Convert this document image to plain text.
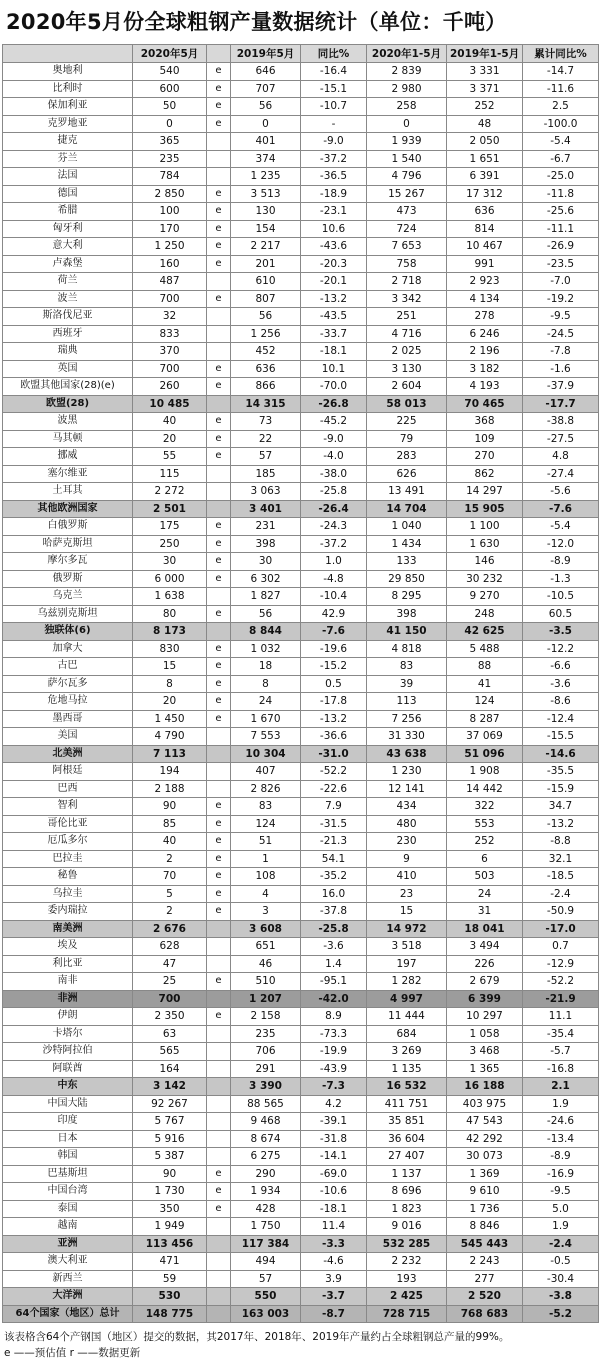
2020年5月份全球粗钢产量数据统计（单位：千吨）
	2020年5月		2019年5月	同比%	2020年1-5月	2019年1-5月	累计同比%
奥地利	540	e	646	-16.4	2 839	3 331	-14.7
比利时	600	e	707	-15.1	2 980	3 371	-11.6
保加利亚	50	e	56	-10.7	258	252	2.5
克罗地亚	0	e	0	-	0	48	-100.0
捷克	365		401	-9.0	1 939	2 050	-5.4
芬兰	235		374	-37.2	1 540	1 651	-6.7
法国	784		1 235	-36.5	4 796	6 391	-25.0
德国	2 850	e	3 513	-18.9	15 267	17 312	-11.8
希腊	100	e	130	-23.1	473	636	-25.6
匈牙利	170	e	154	10.6	724	814	-11.1
意大利	1 250	e	2 217	-43.6	7 653	10 467	-26.9
卢森堡	160	e	201	-20.3	758	991	-23.5
荷兰	487		610	-20.1	2 718	2 923	-7.0
波兰	700	e	807	-13.2	3 342	4 134	-19.2
斯洛伐尼亚	32		56	-43.5	251	278	-9.5
西班牙	833		1 256	-33.7	4 716	6 246	-24.5
瑞典	370		452	-18.1	2 025	2 196	-7.8
英国	700	e	636	10.1	3 130	3 182	-1.6
欧盟其他国家(28)(e)	260	e	866	-70.0	2 604	4 193	-37.9
欧盟(28)	10 485		14 315	-26.8	58 013	70 465	-17.7
波黑	40	e	73	-45.2	225	368	-38.8
马其顿	20	e	22	-9.0	79	109	-27.5
挪威	55	e	57	-4.0	283	270	4.8
塞尔维亚	115		185	-38.0	626	862	-27.4
土耳其	2 272		3 063	-25.8	13 491	14 297	-5.6
其他欧洲国家	2 501		3 401	-26.4	14 704	15 905	-7.6
白俄罗斯	175	e	231	-24.3	1 040	1 100	-5.4
哈萨克斯坦	250	e	398	-37.2	1 434	1 630	-12.0
摩尔多瓦	30	e	30	1.0	133	146	-8.9
俄罗斯	6 000	e	6 302	-4.8	29 850	30 232	-1.3
乌克兰	1 638		1 827	-10.4	8 295	9 270	-10.5
乌兹别克斯坦	80	e	56	42.9	398	248	60.5
独联体(6)	8 173		8 844	-7.6	41 150	42 625	-3.5
加拿大	830	e	1 032	-19.6	4 818	5 488	-12.2
古巴	15	e	18	-15.2	83	88	-6.6
萨尔瓦多	8	e	8	0.5	39	41	-3.6
危地马拉	20	e	24	-17.8	113	124	-8.6
墨西哥	1 450	e	1 670	-13.2	7 256	8 287	-12.4
美国	4 790		7 553	-36.6	31 330	37 069	-15.5
北美洲	7 113		10 304	-31.0	43 638	51 096	-14.6
阿根廷	194		407	-52.2	1 230	1 908	-35.5
巴西	2 188		2 826	-22.6	12 141	14 442	-15.9
智利	90	e	83	7.9	434	322	34.7
哥伦比亚	85	e	124	-31.5	480	553	-13.2
厄瓜多尔	40	e	51	-21.3	230	252	-8.8
巴拉圭	2	e	1	54.1	9	6	32.1
秘鲁	70	e	108	-35.2	410	503	-18.5
乌拉圭	5	e	4	16.0	23	24	-2.4
委内瑞拉	2	e	3	-37.8	15	31	-50.9
南美洲	2 676		3 608	-25.8	14 972	18 041	-17.0
埃及	628		651	-3.6	3 518	3 494	0.7
利比亚	47		46	1.4	197	226	-12.9
南非	25	e	510	-95.1	1 282	2 679	-52.2
非洲	700		1 207	-42.0	4 997	6 399	-21.9
伊朗	2 350	e	2 158	8.9	11 444	10 297	11.1
卡塔尔	63		235	-73.3	684	1 058	-35.4
沙特阿拉伯	565		706	-19.9	3 269	3 468	-5.7
阿联酋	164		291	-43.9	1 135	1 365	-16.8
中东	3 142		3 390	-7.3	16 532	16 188	2.1
中国大陆	92 267		88 565	4.2	411 751	403 975	1.9
印度	5 767		9 468	-39.1	35 851	47 543	-24.6
日本	5 916		8 674	-31.8	36 604	42 292	-13.4
韩国	5 387		6 275	-14.1	27 407	30 073	-8.9
巴基斯坦	90	e	290	-69.0	1 137	1 369	-16.9
中国台湾	1 730	e	1 934	-10.6	8 696	9 610	-9.5
泰国	350	e	428	-18.1	1 823	1 736	5.0
越南	1 949		1 750	11.4	9 016	8 846	1.9
亚洲	113 456		117 384	-3.3	532 285	545 443	-2.4
澳大利亚	471		494	-4.6	2 232	2 243	-0.5
新西兰	59		57	3.9	193	277	-30.4
大洋洲	530		550	-3.7	2 425	2 520	-3.8
64个国家（地区）总计	148 775		163 003	-8.7	728 715	768 683	-5.2
该表格含64个产钢国（地区）提交的数据，其2017年、2018年、2019年产量约占全球粗钢总产量的99%。
e ——预估值 r ——数据更新
